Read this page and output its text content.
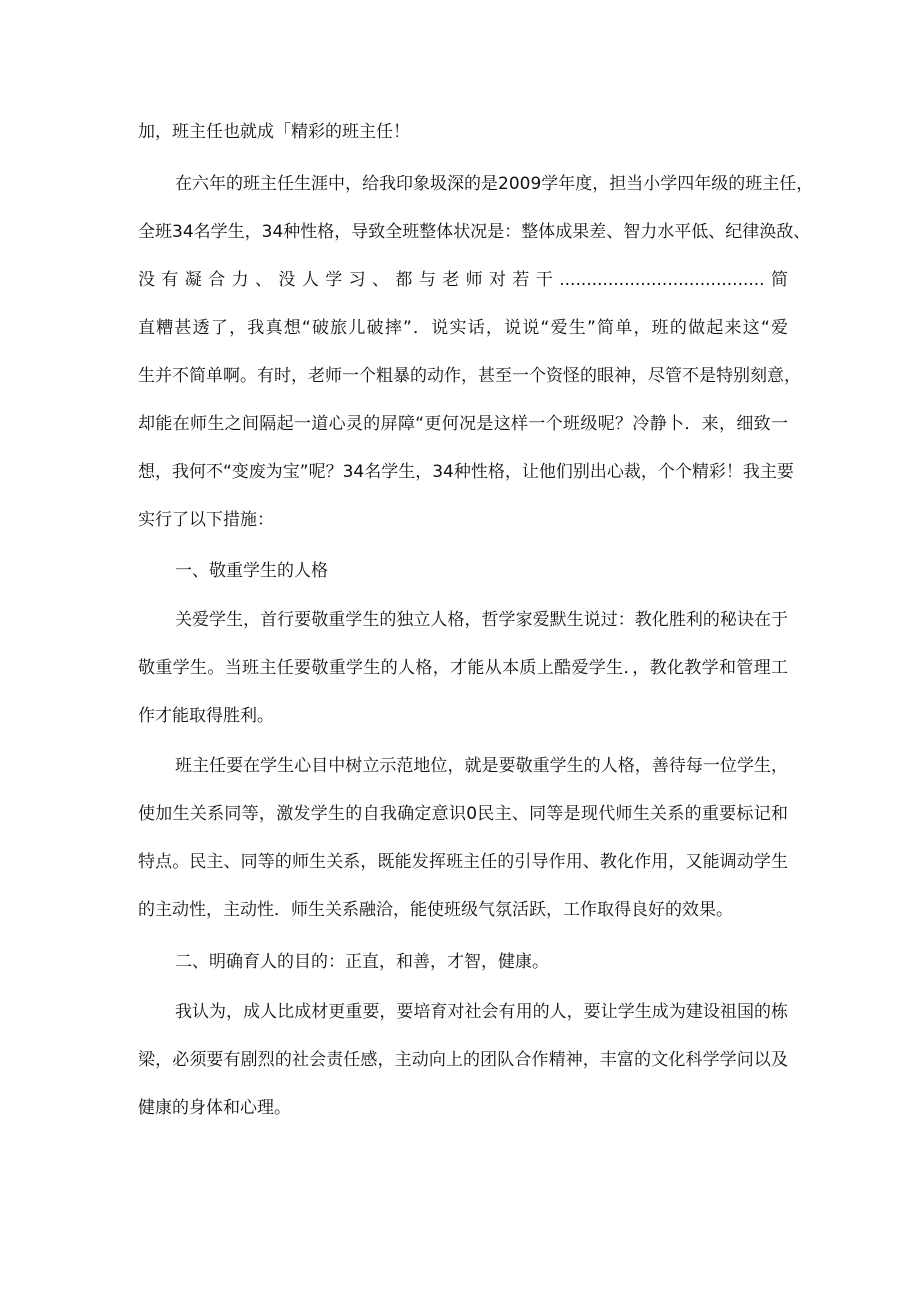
加，班主任也就成「精彩的班主任！
在六年的班主任生涯中，给我印象圾深的是2009学年度，担当小学四年级的班主任，
全班34名学生，34种性格，导致全班整体状况是：整体成果差、智力水平低、纪律涣敌、
没有凝合力、没人学习、都与老师对若干......................................简
直糟甚透了，我真想“破旅儿破摔”．说实话，说说“爱生”简单，班的做起来这“爱
生并不简单啊。有时，老师一个粗暴的动作，甚至一个资怪的眼神，尽管不是特别刻意，
却能在师生之间隔起一道心灵的屏障“更何况是这样一个班级呢？冷静卜．来，细致一
想，我何不“变废为宝”呢？34名学生，34种性格，让他们别出心裁，个个精彩！我主要
实行了以下措施：
一、敬重学生的人格
关爱学生，首行要敬重学生的独立人格，哲学家爱默生说过：教化胜利的秘诀在于
敬重学生。当班主任要敬重学生的人格，才能从本质上酷爱学生．，教化教学和管理工
作才能取得胜利。
班主任要在学生心目中树立示范地位，就是要敬重学生的人格，善待每一位学生，
使加生关系同等，激发学生的自我确定意识0民主、同等是现代师生关系的重要标记和
特点。民主、同等的师生关系，既能发挥班主任的引导作用、教化作用，又能调动学生
的主动性，主动性．师生关系融洽，能使班级气氛活跃，工作取得良好的效果。
二、明确育人的目的：正直，和善，才智，健康。
我认为，成人比成材更重要，要培育对社会有用的人，要让学生成为建设祖国的栋
梁，必须要有剧烈的社会责任感，主动向上的团队合作精神，丰富的文化科学学问以及
健康的身体和心理。
